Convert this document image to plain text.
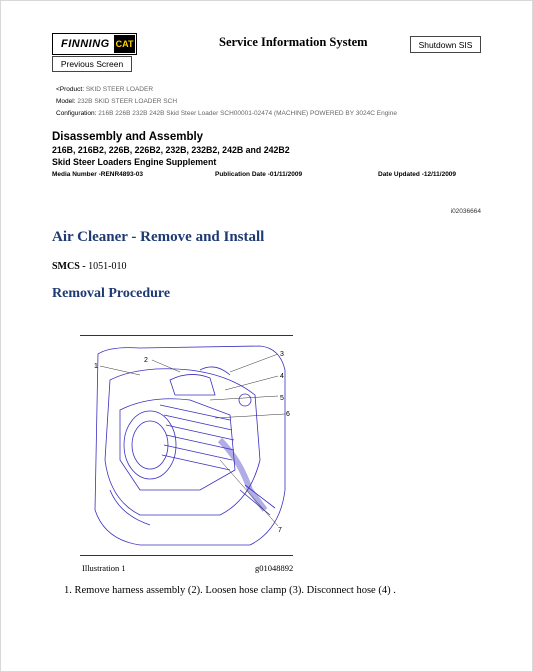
FINNING CAT	Service Information System	Shutdown SIS
Previous Screen
<Product: SKID STEER LOADER
Model: 232B SKID STEER LOADER SCH
Configuration: 216B 226B 232B 242B Skid Steer Loader SCH00001-02474 (MACHINE) POWERED BY 3024C Engine
Disassembly and Assembly
216B, 216B2, 226B, 226B2, 232B, 232B2, 242B and 242B2
Skid Steer Loaders Engine Supplement
Media Number -RENR4893-03	Publication Date -01/11/2009	Date Updated -12/11/2009
i02036664
Air Cleaner - Remove and Install
SMCS - 1051-010
Removal Procedure
1
2
3
4
5
6
7
Illustration 1	g01048892
1. Remove harness assembly (2). Loosen hose clamp (3). Disconnect hose (4) .
